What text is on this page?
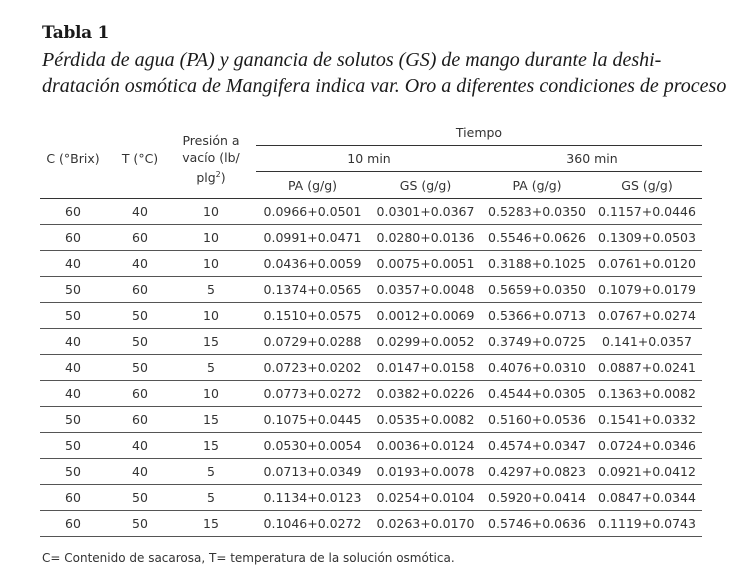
Tabla 1
Pérdida de agua (PA) y ganancia de solutos (GS) de mango durante la deshi-
dratación osmótica de Mangifera indica var. Oro a diferentes condiciones de proceso
C (°Brix)	T (°C)	Presión a
vacío (lb/
plg$^2$)		Tiempo			
				10 min		360 min	
				PA (g/g)	GS (g/g)	PA (g/g)	GS (g/g)
60	40	10		0.0966+0.0501	0.0301+0.0367	0.5283+0.0350	0.1157+0.0446
60	60	10		0.0991+0.0471	0.0280+0.0136	0.5546+0.0626	0.1309+0.0503
40	40	10		0.0436+0.0059	0.0075+0.0051	0.3188+0.1025	0.0761+0.0120
50	60	5		0.1374+0.0565	0.0357+0.0048	0.5659+0.0350	0.1079+0.0179
50	50	10		0.1510+0.0575	0.0012+0.0069	0.5366+0.0713	0.0767+0.0274
40	50	15		0.0729+0.0288	0.0299+0.0052	0.3749+0.0725	0.141+0.0357
40	50	5		0.0723+0.0202	0.0147+0.0158	0.4076+0.0310	0.0887+0.0241
40	60	10		0.0773+0.0272	0.0382+0.0226	0.4544+0.0305	0.1363+0.0082
50	60	15		0.1075+0.0445	0.0535+0.0082	0.5160+0.0536	0.1541+0.0332
50	40	15		0.0530+0.0054	0.0036+0.0124	0.4574+0.0347	0.0724+0.0346
50	40	5		0.0713+0.0349	0.0193+0.0078	0.4297+0.0823	0.0921+0.0412
60	50	5		0.1134+0.0123	0.0254+0.0104	0.5920+0.0414	0.0847+0.0344
60	50	15		0.1046+0.0272	0.0263+0.0170	0.5746+0.0636	0.1119+0.0743
C= Contenido de sacarosa, T= temperatura de la solución osmótica.
